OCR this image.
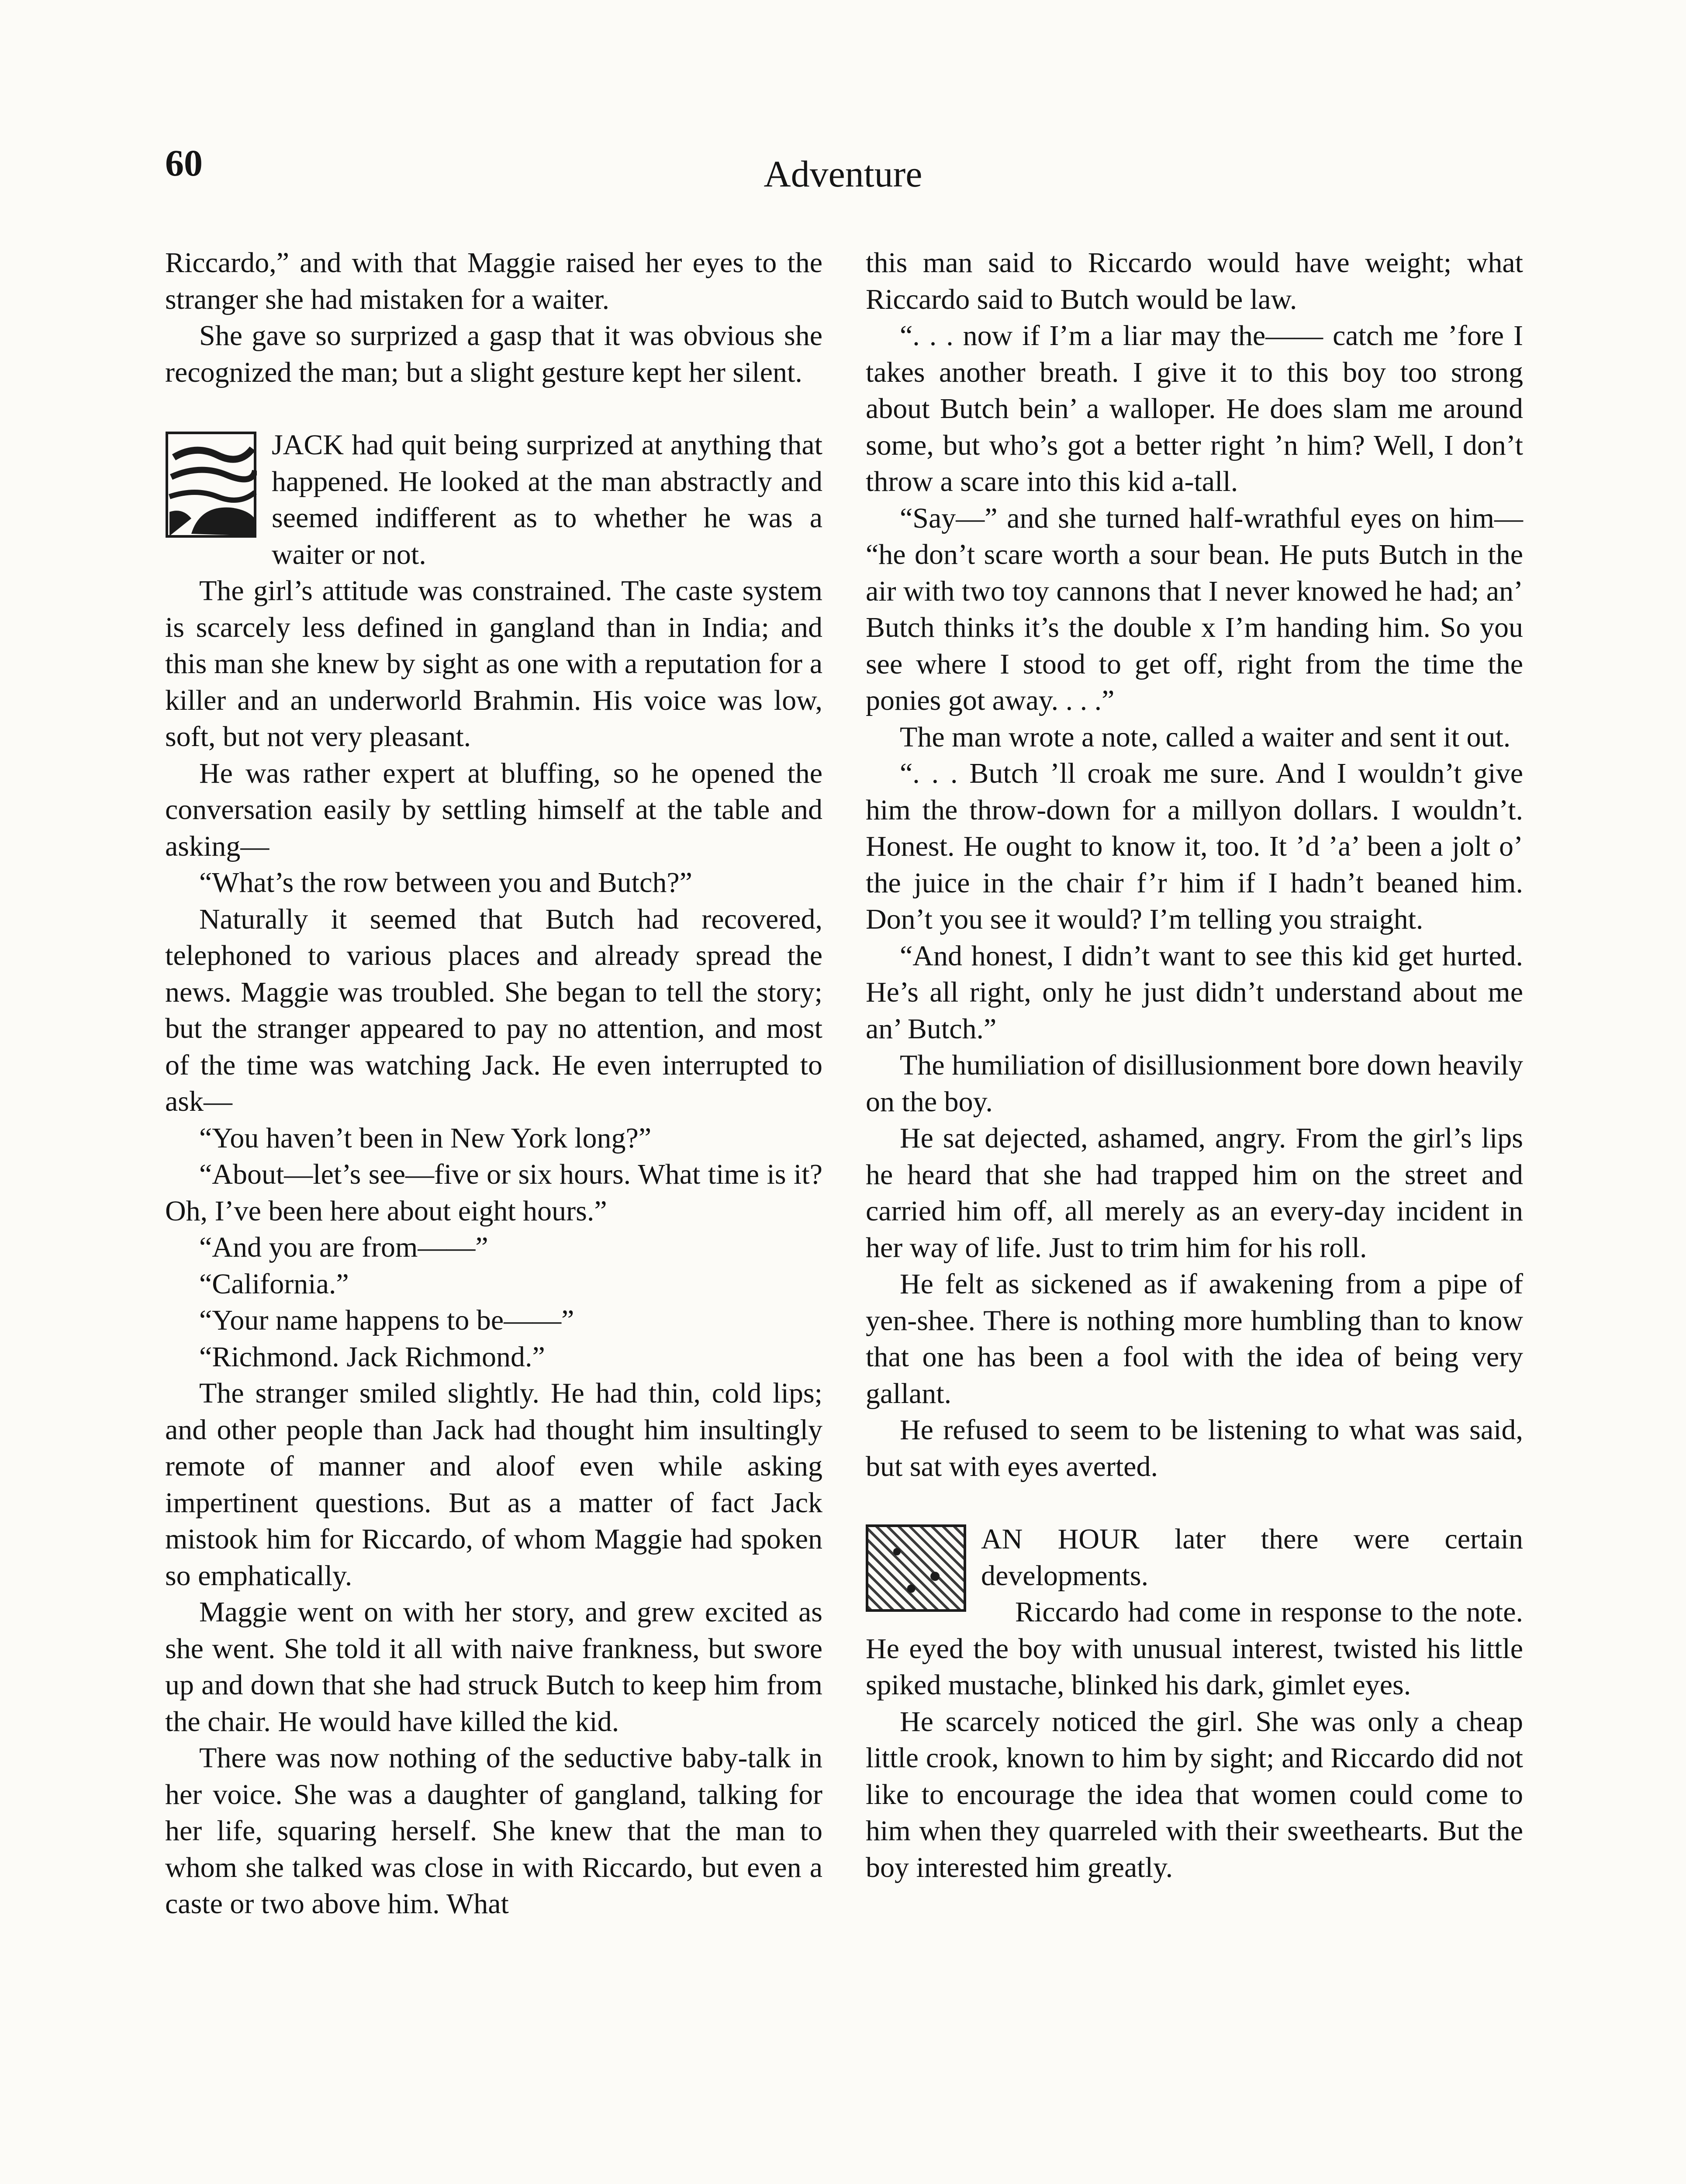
60	Adventure

Riccardo,” and with that Maggie raised her eyes to the stranger she had mistaken for a waiter.

She gave so surprized a gasp that it was obvious she recognized the man; but a slight gesture kept her silent.

JACK had quit being surprized at anything that happened. He looked at the man abstractly and seemed indifferent as to whether he was a waiter or not.

The girl’s attitude was constrained. The caste system is scarcely less defined in gangland than in India; and this man she knew by sight as one with a reputation for a killer and an underworld Brahmin. His voice was low, soft, but not very pleasant.

He was rather expert at bluffing, so he opened the conversation easily by settling himself at the table and asking—

“What’s the row between you and Butch?”

Naturally it seemed that Butch had recovered, telephoned to various places and already spread the news. Maggie was troubled. She began to tell the story; but the stranger appeared to pay no attention, and most of the time was watching Jack. He even interrupted to ask—

“You haven’t been in New York long?”

“About—let’s see—five or six hours. What time is it? Oh, I’ve been here about eight hours.”

“And you are from——”

“California.”

“Your name happens to be——”

“Richmond. Jack Richmond.”

The stranger smiled slightly. He had thin, cold lips; and other people than Jack had thought him insultingly remote of manner and aloof even while asking impertinent questions. But as a matter of fact Jack mistook him for Riccardo, of whom Maggie had spoken so emphatically.

Maggie went on with her story, and grew excited as she went. She told it all with naive frankness, but swore up and down that she had struck Butch to keep him from the chair. He would have killed the kid.

There was now nothing of the seductive baby-talk in her voice. She was a daughter of gangland, talking for her life, squaring herself. She knew that the man to whom she talked was close in with Riccardo, but even a caste or two above him. What

this man said to Riccardo would have weight; what Riccardo said to Butch would be law.

“. . . now if I’m a liar may the—— catch me ’fore I takes another breath. I give it to this boy too strong about Butch bein’ a walloper. He does slam me around some, but who’s got a better right ’n him? Well, I don’t throw a scare into this kid a-tall.

“Say—” and she turned half-wrathful eyes on him— “he don’t scare worth a sour bean. He puts Butch in the air with two toy cannons that I never knowed he had; an’ Butch thinks it’s the double x I’m handing him. So you see where I stood to get off, right from the time the ponies got away. . . .”

The man wrote a note, called a waiter and sent it out.

“. . . Butch ’ll croak me sure. And I wouldn’t give him the throw-down for a millyon dollars. I wouldn’t. Honest. He ought to know it, too. It ’d ’a’ been a jolt o’ the juice in the chair f’r him if I hadn’t beaned him. Don’t you see it would? I’m telling you straight.

“And honest, I didn’t want to see this kid get hurted. He’s all right, only he just didn’t understand about me an’ Butch.”

The humiliation of disillusionment bore down heavily on the boy.

He sat dejected, ashamed, angry. From the girl’s lips he heard that she had trapped him on the street and carried him off, all merely as an every-day incident in her way of life. Just to trim him for his roll.

He felt as sickened as if awakening from a pipe of yen-shee. There is nothing more humbling than to know that one has been a fool with the idea of being very gallant.

He refused to seem to be listening to what was said, but sat with eyes averted.

AN HOUR later there were certain developments.

Riccardo had come in response to the note. He eyed the boy with unusual interest, twisted his little spiked mustache, blinked his dark, gimlet eyes.

He scarcely noticed the girl. She was only a cheap little crook, known to him by sight; and Riccardo did not like to encourage the idea that women could come to him when they quarreled with their sweethearts. But the boy interested him greatly.
